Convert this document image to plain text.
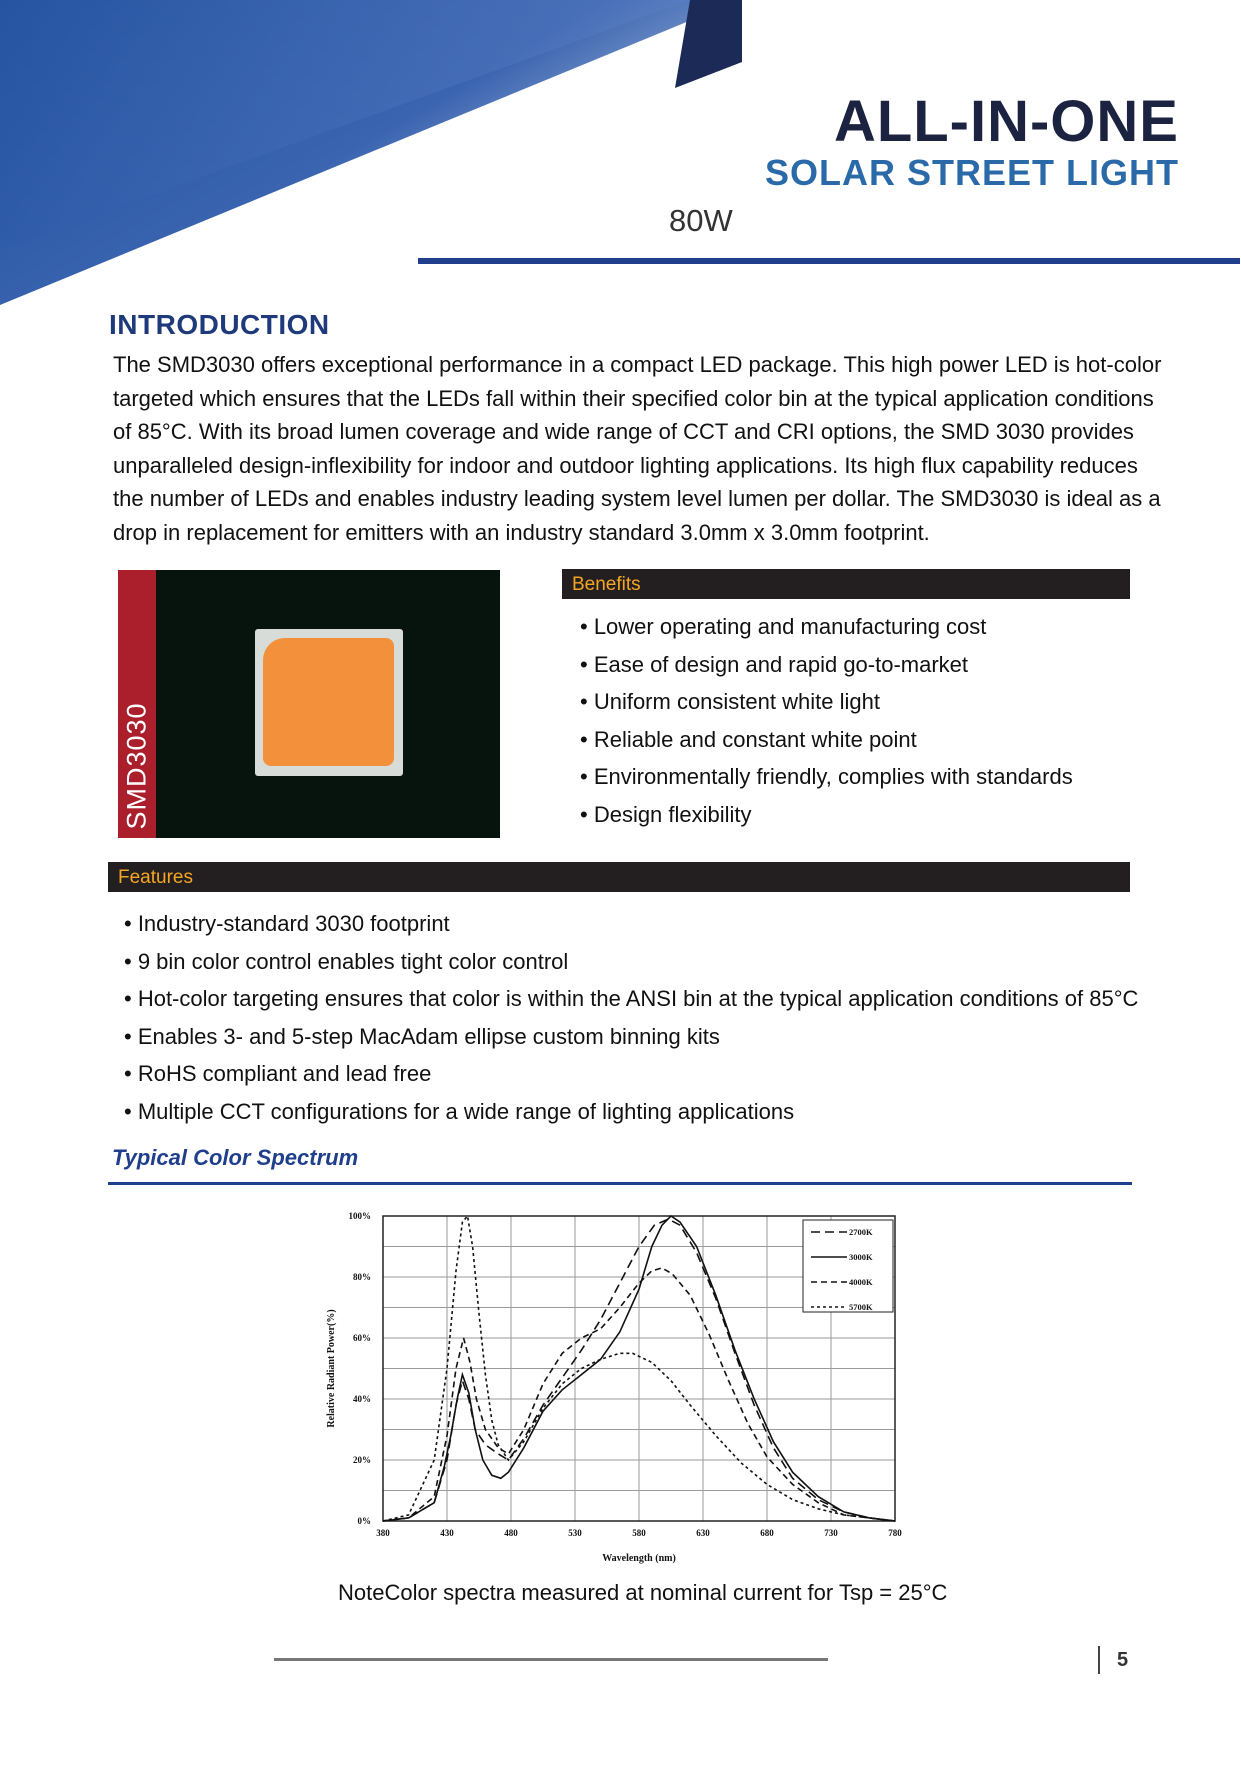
ALL-IN-ONE
SOLAR STREET LIGHT
80W
INTRODUCTION
The SMD3030 offers exceptional performance in a compact LED package. This high power LED is hot-color
targeted which ensures that the LEDs fall within their specified color bin at the typical application conditions
of 85°C. With its broad lumen coverage and wide range of CCT and CRI options, the SMD 3030 provides
unparalleled design-inflexibility for indoor and outdoor lighting applications. Its high flux capability reduces
the number of LEDs and enables industry leading system level lumen per dollar. The SMD3030 is ideal as a
drop in replacement for emitters with an industry standard 3.0mm x 3.0mm footprint.
SMD3030
Benefits
• Lower operating and manufacturing cost
• Ease of design and rapid go-to-market
• Uniform consistent white light
• Reliable and constant white point
• Environmentally friendly, complies with standards
• Design flexibility
Features
• Industry-standard 3030 footprint
• 9 bin color control enables tight color control
• Hot-color targeting ensures that color is within the ANSI bin at the typical application conditions of 85°C
• Enables 3- and 5-step MacAdam ellipse custom binning kits
• RoHS compliant and lead free
• Multiple CCT configurations for a wide range of lighting applications
Typical Color Spectrum
380	430	480	530	580	630	680	730	780
0%
20%
40%
60%
80%
100%
2700K
3000K
4000K
5700K
Wavelength (nm)
Relative Radiant Power(%)
NoteColor spectra measured at nominal current for Tsp = 25°C
5
